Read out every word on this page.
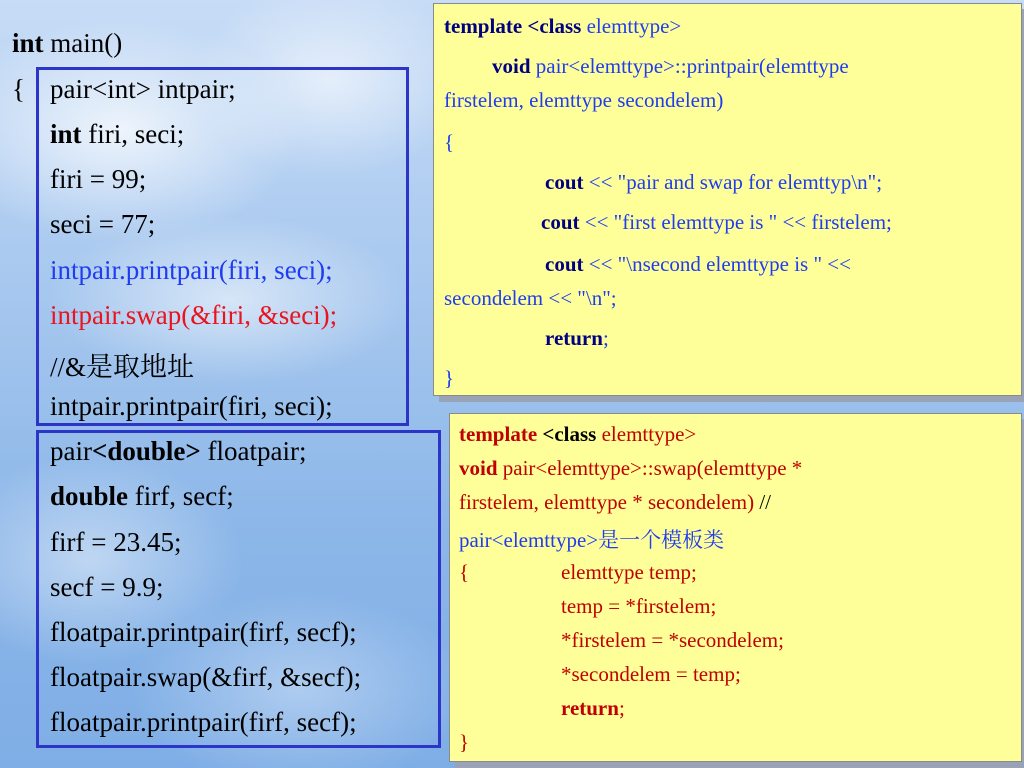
int main()
{ pair<int> intpair;
int firi, seci;
firi = 99;
seci = 77;
intpair.printpair(firi, seci);
intpair.swap(&firi, &seci);
//&是取地址
intpair.printpair(firi, seci);
pair<double> floatpair;
double firf, secf;
firf = 23.45;
secf = 9.9;
floatpair.printpair(firf, secf);
floatpair.swap(&firf, &secf);
floatpair.printpair(firf, secf);
template <class elemttype>
void pair<elemttype>::printpair(elemttype
firstelem, elemttype secondelem)
{
cout << "pair and swap for elemttyp\n";
cout << "first elemttype is " << firstelem;
cout << "\nsecond elemttype is " <<
secondelem << "\n";
return;
}
template <class elemttype>
void pair<elemttype>::swap(elemttype *
firstelem, elemttype * secondelem) //
pair<elemttype>是一个模板类
{	elemttype temp;
temp = *firstelem;
*firstelem = *secondelem;
*secondelem = temp;
return;
}
